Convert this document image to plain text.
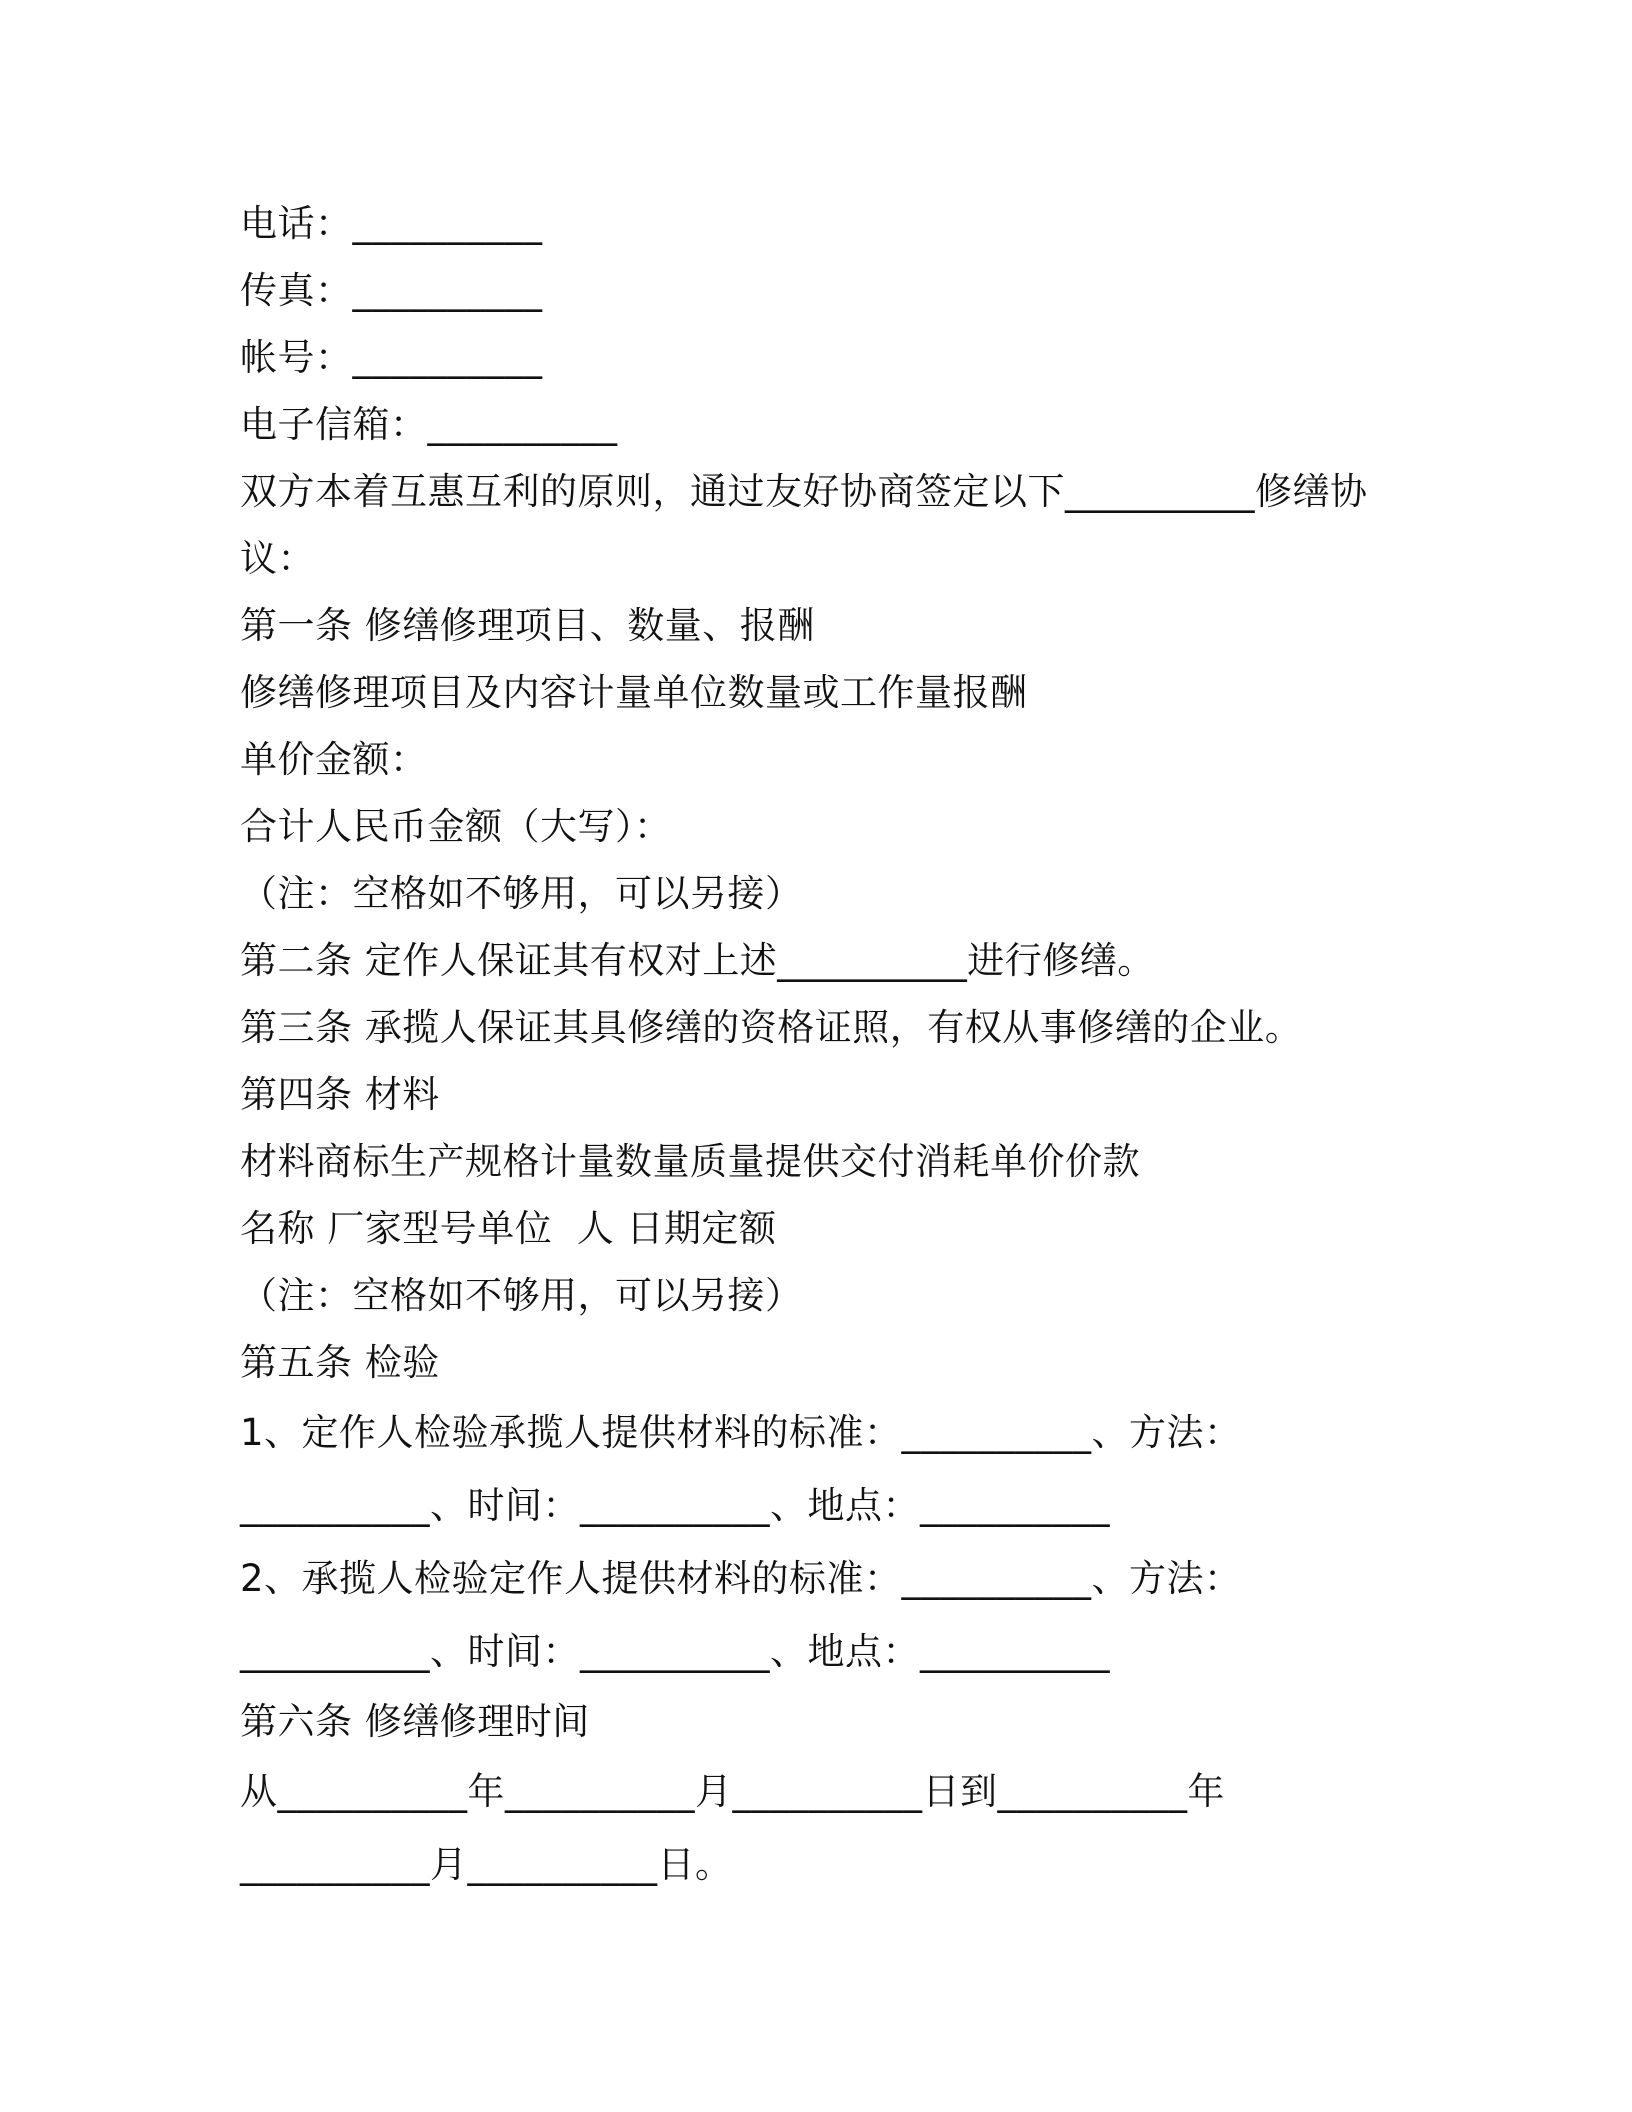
电话：__________
传真：__________
帐号：__________
电子信箱：__________
双方本着互惠互利的原则，通过友好协商签定以下__________修缮协
议：
第一条 修缮修理项目、数量、报酬
修缮修理项目及内容计量单位数量或工作量报酬
单价金额：
合计人民币金额（大写）：
（注：空格如不够用，可以另接）
第二条 定作人保证其有权对上述__________进行修缮。
第三条 承揽人保证其具修缮的资格证照，有权从事修缮的企业。
第四条 材料
材料商标生产规格计量数量质量提供交付消耗单价价款
名称 厂家型号单位  人 日期定额
（注：空格如不够用，可以另接）
第五条 检验
1、定作人检验承揽人提供材料的标准：__________、方法：
__________、时间：__________、地点：__________
2、承揽人检验定作人提供材料的标准：__________、方法：
__________、时间：__________、地点：__________
第六条 修缮修理时间
从__________年__________月__________日到__________年
__________月__________日。
